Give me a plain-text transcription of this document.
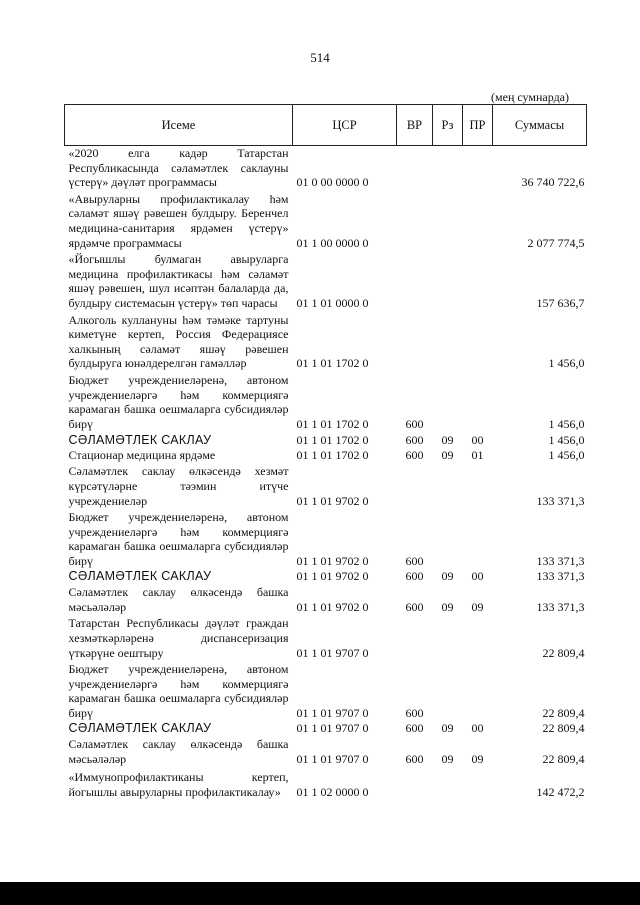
514
(мең сумнарда)
Исеме	ЦСР	ВР	Рз	ПР	Суммасы
«2020 елга кадәр Татарстан Республикасында сәламәтлек саклауны үстерү» дәүләт программасы	01 0 00 0000 0				36 740 722,6
«Авыруларны профилактикалау һәм сәламәт яшәү рәвешен булдыру. Беренчел медицина-санитария ярдәмен үстерү» ярдәмче программасы	01 1 00 0000 0				2 077 774,5
«Йогышлы булмаган авыруларга медицина профилактикасы һәм сәламәт яшәү рәвешен, шул исәптән балаларда да, булдыру системасын үстерү» төп чарасы	01 1 01 0000 0				157 636,7
Алкоголь куллануны һәм тәмәке тартуны киметүне кертеп, Россия Федерациясе халкының сәламәт яшәү рәвешен булдыруга юнәлдерелгән гамәлләр	01 1 01 1702 0				1 456,0
Бюджет учреждениеләренә, автоном учреждениеләргә һәм коммерциягә карамаган башка оешмаларга субсидияләр бирү	01 1 01 1702 0	600			1 456,0
СӘЛАМӘТЛЕК САКЛАУ	01 1 01 1702 0	600	09	00	1 456,0
Стационар медицина ярдәме	01 1 01 1702 0	600	09	01	1 456,0
Сәламәтлек саклау өлкәсендә хезмәт күрсәтүләрне тәэмин итүче учреждениеләр	01 1 01 9702 0				133 371,3
Бюджет учреждениеләренә, автоном учреждениеләргә һәм коммерциягә карамаган башка оешмаларга субсидияләр бирү	01 1 01 9702 0	600			133 371,3
СӘЛАМӘТЛЕК САКЛАУ	01 1 01 9702 0	600	09	00	133 371,3
Сәламәтлек саклау өлкәсендә башка мәсьәләләр	01 1 01 9702 0	600	09	09	133 371,3
Татарстан Республикасы дәүләт граждан хезмәткәрләренә диспансеризация үткәрүне оештыру	01 1 01 9707 0				22 809,4
Бюджет учреждениеләренә, автоном учреждениеләргә һәм коммерциягә карамаган башка оешмаларга субсидияләр бирү	01 1 01 9707 0	600			22 809,4
СӘЛАМӘТЛЕК САКЛАУ	01 1 01 9707 0	600	09	00	22 809,4
Сәламәтлек саклау өлкәсендә башка мәсьәләләр	01 1 01 9707 0	600	09	09	22 809,4
«Иммунопрофилактиканы кертеп, йогышлы авыруларны профилактикалау»	01 1 02 0000 0				142 472,2
